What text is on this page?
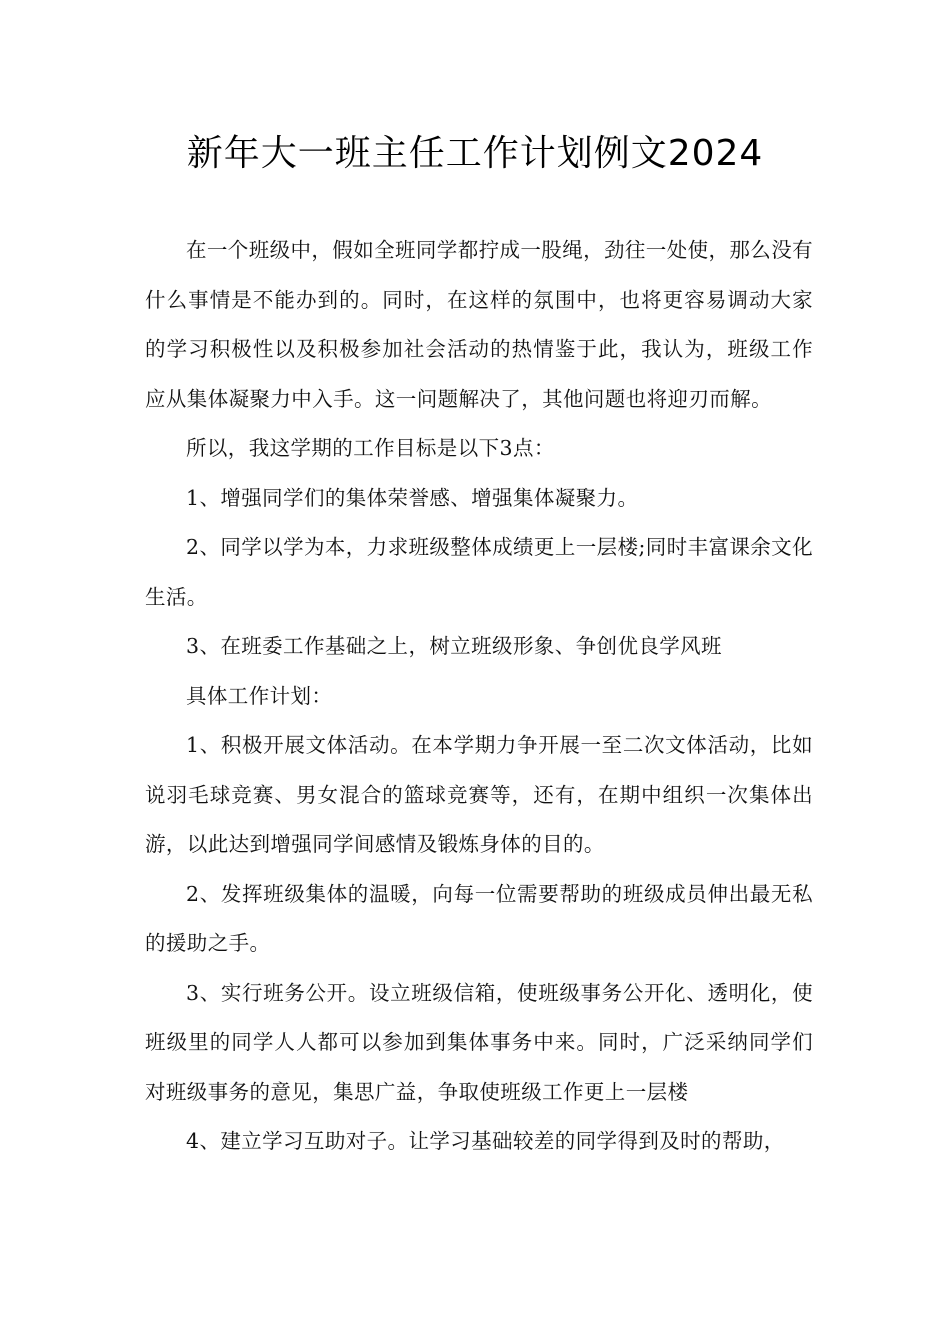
新年大一班主任工作计划例文2024

在一个班级中，假如全班同学都拧成一股绳，劲往一处使，那么没有什么事情是不能办到的。同时，在这样的氛围中，也将更容易调动大家的学习积极性以及积极参加社会活动的热情鉴于此，我认为，班级工作应从集体凝聚力中入手。这一问题解决了，其他问题也将迎刃而解。

所以，我这学期的工作目标是以下3点：

1、增强同学们的集体荣誉感、增强集体凝聚力。

2、同学以学为本，力求班级整体成绩更上一层楼;同时丰富课余文化生活。

3、在班委工作基础之上，树立班级形象、争创优良学风班

具体工作计划：

1、积极开展文体活动。在本学期力争开展一至二次文体活动，比如说羽毛球竞赛、男女混合的篮球竞赛等，还有，在期中组织一次集体出游，以此达到增强同学间感情及锻炼身体的目的。

2、发挥班级集体的温暖，向每一位需要帮助的班级成员伸出最无私的援助之手。

3、实行班务公开。设立班级信箱，使班级事务公开化、透明化，使班级里的同学人人都可以参加到集体事务中来。同时，广泛采纳同学们对班级事务的意见，集思广益，争取使班级工作更上一层楼

4、建立学习互助对子。让学习基础较差的同学得到及时的帮助，
